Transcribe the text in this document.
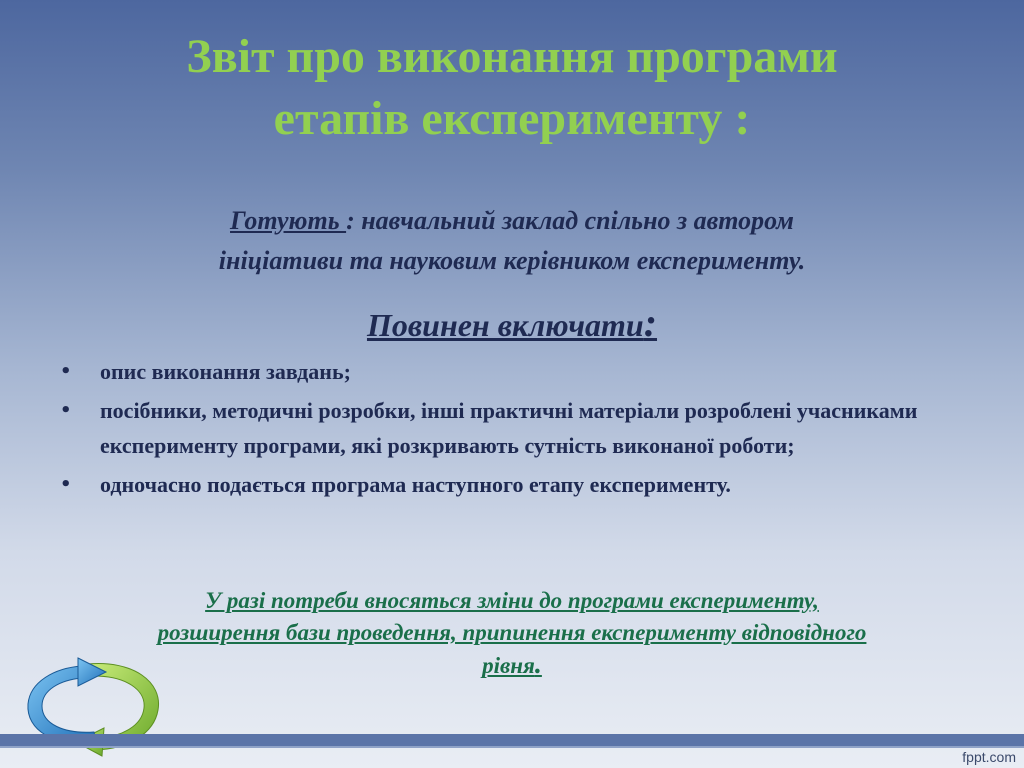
Звіт про виконання програми
етапів експерименту :
Готують : навчальний заклад спільно з автором
ініціативи та науковим керівником експерименту.
Повинен включати:
• опис виконання завдань;
• посібники, методичні розробки, інші практичні матеріали розроблені учасниками експерименту програми, які розкривають сутність виконаної роботи;
• одночасно подається програма наступного етапу експерименту.
У разі потреби вносяться зміни до програми експерименту,
розширення бази проведення, припинення експерименту відповідного
рівня.
fppt.com
